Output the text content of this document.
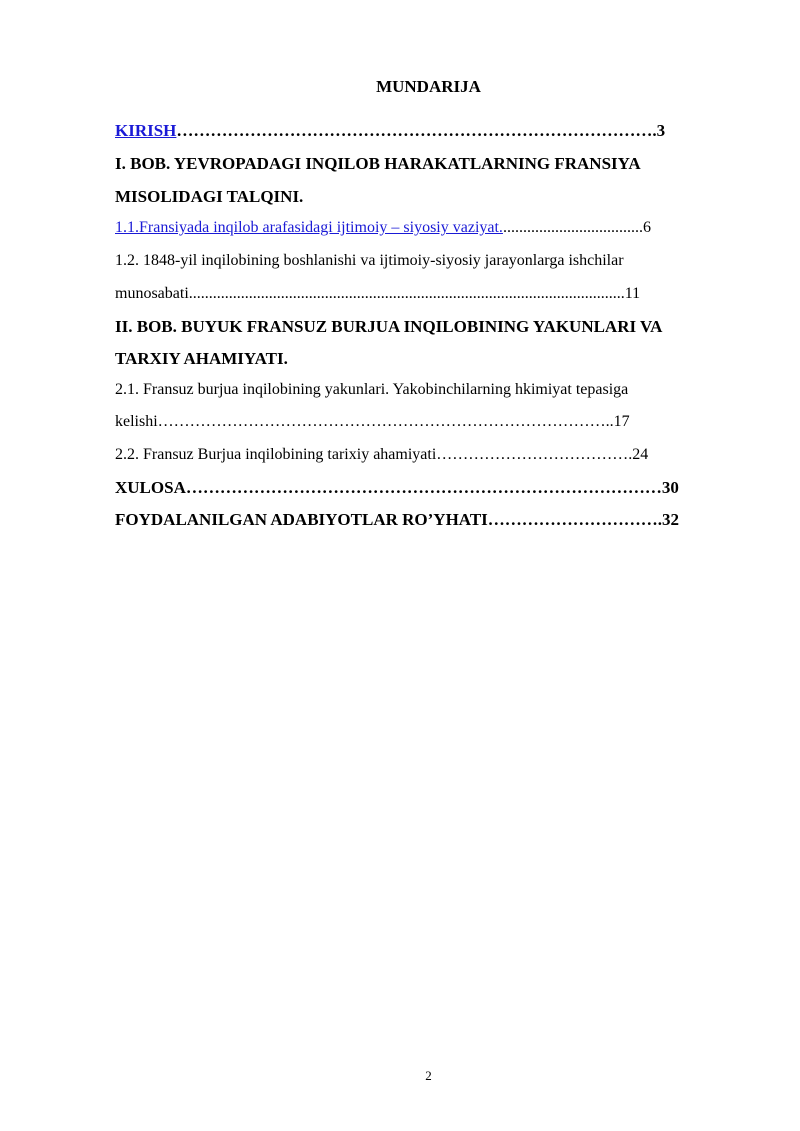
MUNDARIJA
KIRISH………………………………………………………………………….3
I. BOB. YEVROPADAGI INQILOB HARAKATLARNING FRANSIYA
MISOLIDAGI TALQINI.
1.1.Fransiyada inqilob arafasidagi ijtimoiy – siyosiy vaziyat....................................6
1.2. 1848-yil inqilobining boshlanishi va ijtimoiy-siyosiy jarayonlarga ishchilar
munosabati.............................................................................................................11
II. BOB. BUYUK FRANSUZ BURJUA INQILOBINING YAKUNLARI VA
TARXIY AHAMIYATI.
2.1. Fransuz burjua inqilobining yakunlari. Yakobinchilarning hkimiyat tepasiga
kelishi…………………………………………………………………………..17
2.2. Fransuz Burjua inqilobining tarixiy ahamiyati……………………………….24
XULOSA…………………………………………………………………………30
FOYDALANILGAN ADABIYOTLAR RO’YHATI………………………….32
2
